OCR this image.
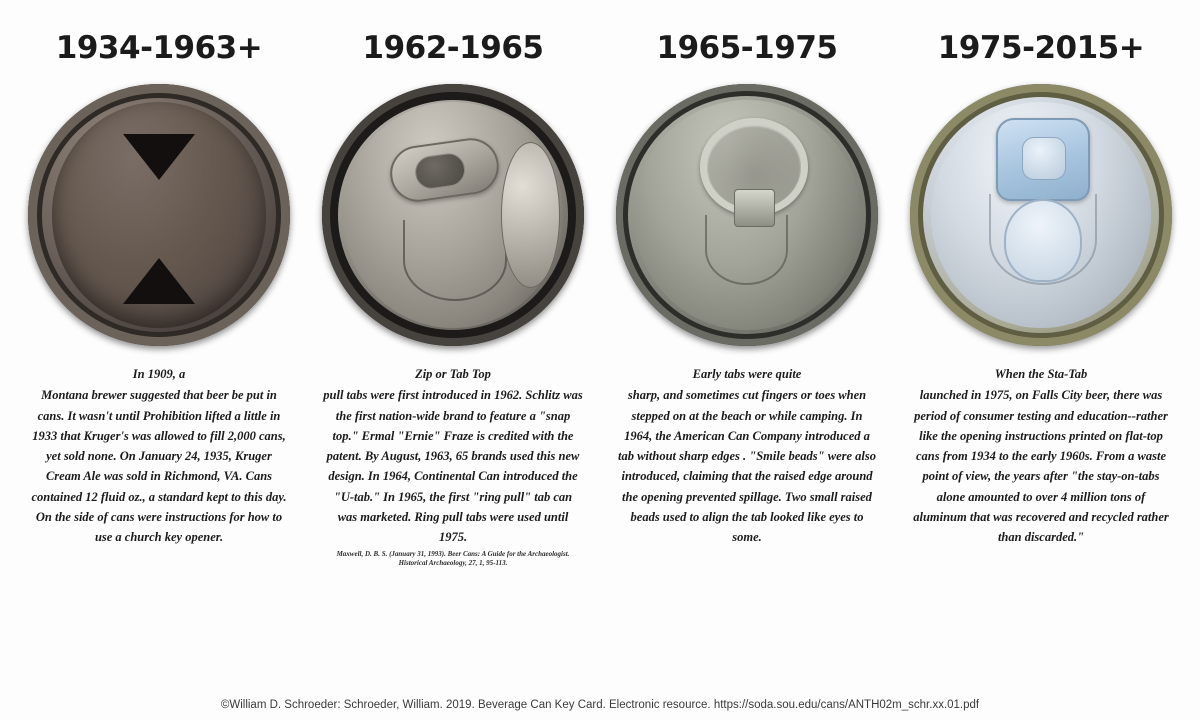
1934-1963+
In 1909, a
Montana brewer suggested that beer be put in cans. It wasn't until Prohibition lifted a little in 1933 that Kruger's was allowed to fill 2,000 cans, yet sold none. On January 24, 1935, Kruger Cream Ale was sold in Richmond, VA. Cans contained 12 fluid oz., a standard kept to this day. On the side of cans were instructions for how to use a church key opener.
1962-1965
Zip or Tab Top
pull tabs were first introduced in 1962. Schlitz was the first nation-wide brand to feature a "snap top." Ermal "Ernie" Fraze is credited with the patent. By August, 1963, 65 brands used this new design. In 1964, Continental Can introduced the "U-tab." In 1965, the first "ring pull" tab can was marketed. Ring pull tabs were used until 1975.
Maxwell, D. B. S. (January 31, 1993). Beer Cans: A Guide for the Archaeologist. Historical Archaeology, 27, 1, 95-113.
1965-1975
Early tabs were quite
sharp, and sometimes cut fingers or toes when stepped on at the beach or while camping. In 1964, the American Can Company introduced a tab without sharp edges . "Smile beads" were also introduced, claiming that the raised edge around the opening prevented spillage. Two small raised beads used to align the tab looked like eyes to some.
1975-2015+
When the Sta-Tab
launched in 1975, on Falls City beer, there was period of consumer testing and education--rather like the opening instructions printed on flat-top cans from 1934 to the early 1960s. From a waste point of view, the years after "the stay-on-tabs alone amounted to over 4 million tons of aluminum that was recovered and recycled rather than discarded."
©William D. Schroeder: Schroeder, William. 2019. Beverage Can Key Card. Electronic resource. https://soda.sou.edu/cans/ANTH02m_schr.xx.01.pdf
